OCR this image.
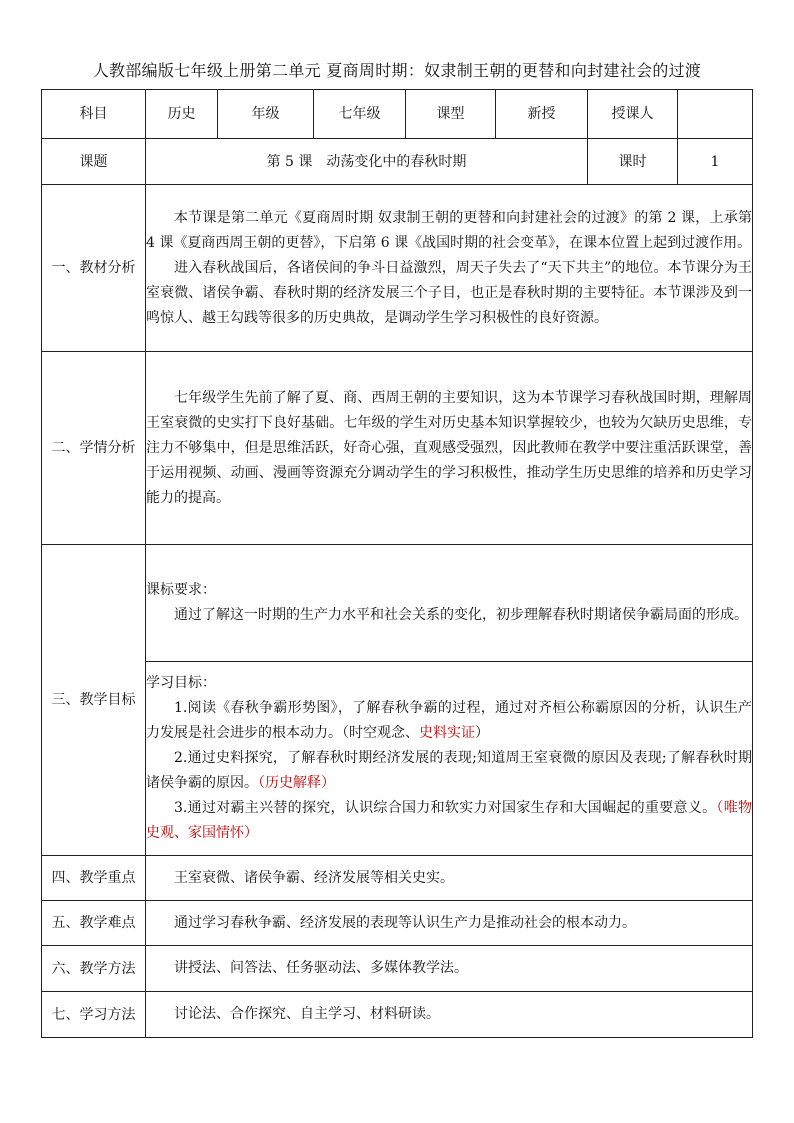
人教部编版七年级上册第二单元 夏商周时期：奴隶制王朝的更替和向封建社会的过渡
科目	历史	年级	七年级	课型	新授	授课人	
课题	第 5 课　动荡变化中的春秋时期					课时	1
一、教材分析	本节课是第二单元《夏商周时期 奴隶制王朝的更替和向封建社会的过渡》的第 2 课，上承第 4 课《夏商西周王朝的更替》，下启第 6 课《战国时期的社会变革》，在课本位置上起到过渡作用。

进入春秋战国后，各诸侯间的争斗日益激烈，周天子失去了“天下共主”的地位。本节课分为王室衰微、诸侯争霸、春秋时期的经济发展三个子目，也正是春秋时期的主要特征。本节课涉及到一鸣惊人、越王勾践等很多的历史典故，是调动学生学习积极性的良好资源。						

二、学情分析	七年级学生先前了解了夏、商、西周王朝的主要知识，这为本节课学习春秋战国时期，理解周王室衰微的史实打下良好基础。七年级的学生对历史基本知识掌握较少，也较为欠缺历史思维，专注力不够集中，但是思维活跃，好奇心强，直观感受强烈，因此教师在教学中要注重活跃课堂，善于运用视频、动画、漫画等资源充分调动学生的学习积极性，推动学生历史思维的培养和历史学习能力的提高。						

三、教学目标	课标要求：

通过了解这一时期的生产力水平和社会关系的变化，初步理解春秋时期诸侯争霸局面的形成。						

	学习目标：

1.阅读《春秋争霸形势图》，了解春秋争霸的过程，通过对齐桓公称霸原因的分析，认识生产力发展是社会进步的根本动力。（时空观念、史料实证）

2.通过史料探究，了解春秋时期经济发展的表现;知道周王室衰微的原因及表现;了解春秋时期诸侯争霸的原因。（历史解释）

3.通过对霸主兴替的探究，认识综合国力和软实力对国家生存和大国崛起的重要意义。（唯物史观、家国情怀）						

四、教学重点	王室衰微、诸侯争霸、经济发展等相关史实。						

五、教学难点	通过学习春秋争霸、经济发展的表现等认识生产力是推动社会的根本动力。						

六、教学方法	讲授法、问答法、任务驱动法、多媒体教学法。						

七、学习方法	讨论法、合作探究、自主学习、材料研读。						
